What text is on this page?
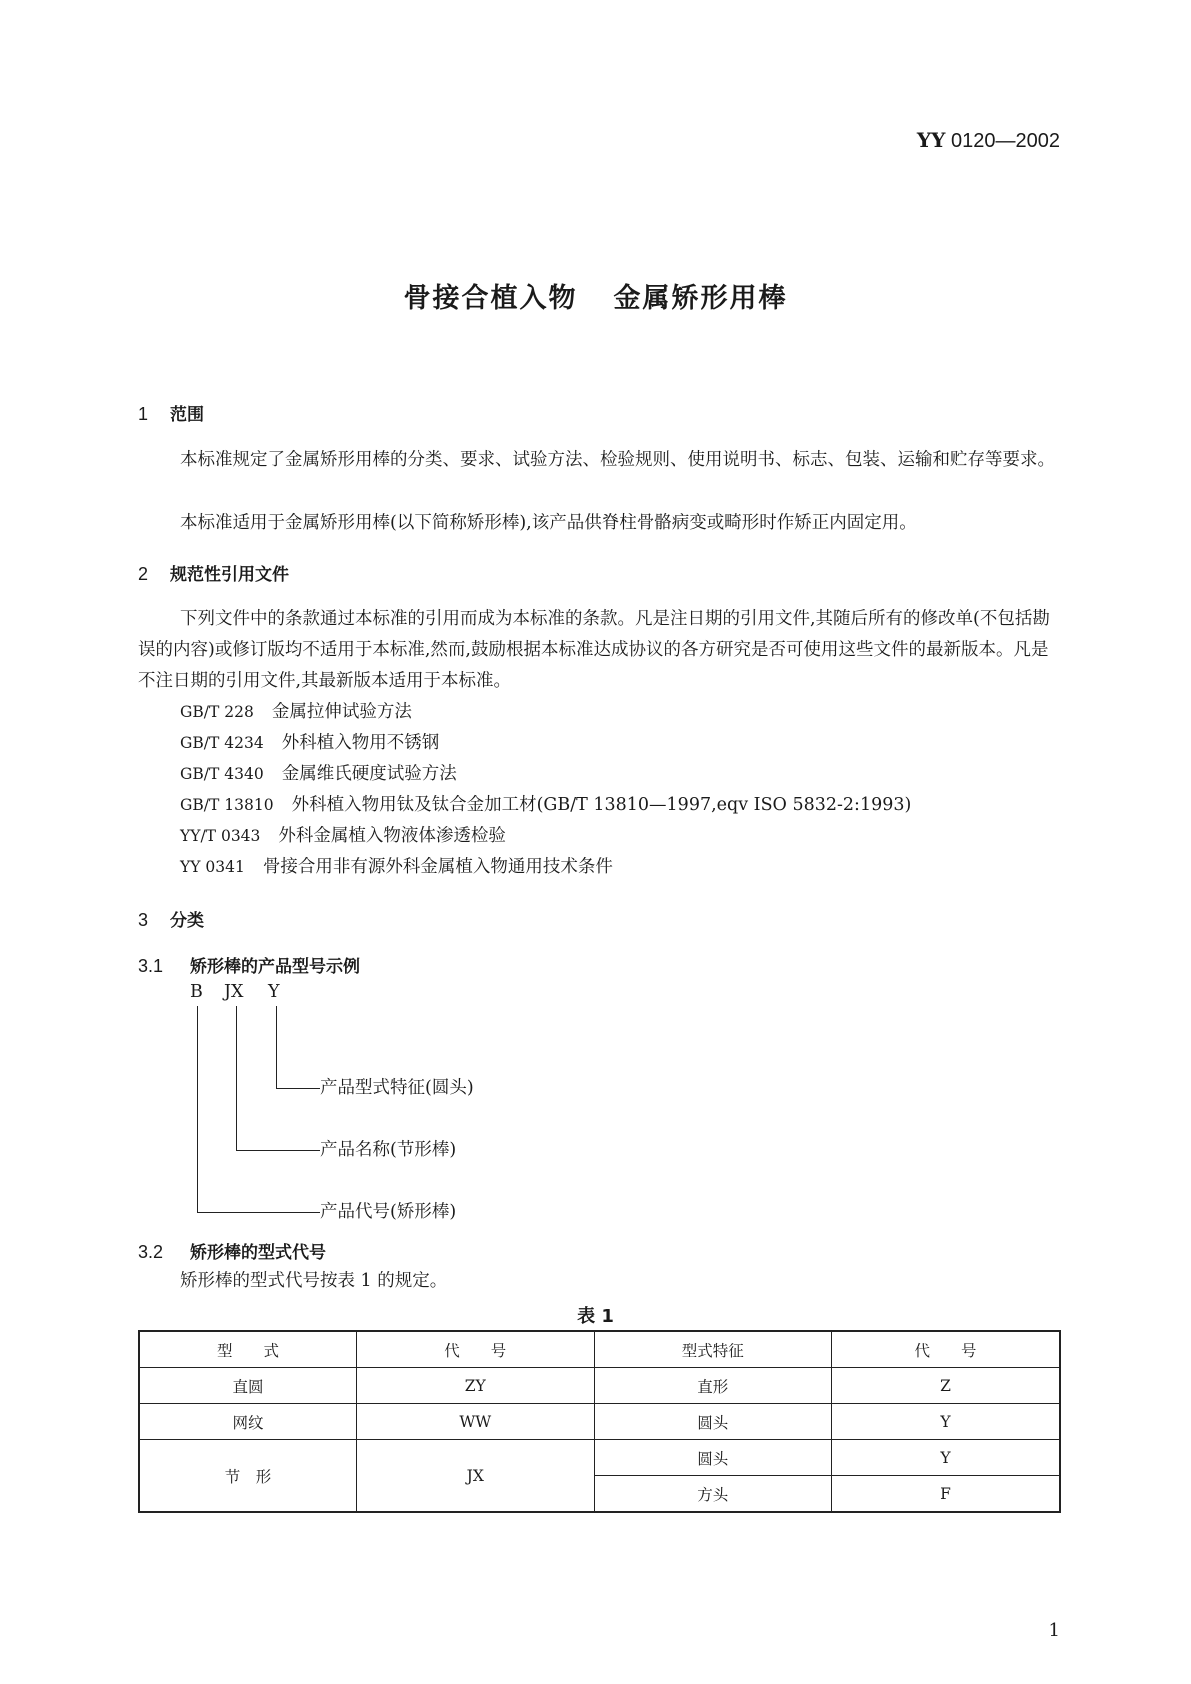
YY 0120—2002
骨接合植入物 金属矫形用棒
1 范围
本标准规定了金属矫形用棒的分类、要求、试验方法、检验规则、使用说明书、标志、包装、运输和贮存等要求。
本标准适用于金属矫形用棒(以下简称矫形棒),该产品供脊柱骨骼病变或畸形时作矫正内固定用。
2 规范性引用文件
下列文件中的条款通过本标准的引用而成为本标准的条款。凡是注日期的引用文件,其随后所有的修改单(不包括勘误的内容)或修订版均不适用于本标准,然而,鼓励根据本标准达成协议的各方研究是否可使用这些文件的最新版本。凡是不注日期的引用文件,其最新版本适用于本标准。
GB/T 228 金属拉伸试验方法
GB/T 4234 外科植入物用不锈钢
GB/T 4340 金属维氏硬度试验方法
GB/T 13810 外科植入物用钛及钛合金加工材(GB/T 13810—1997,eqv ISO 5832-2:1993)
YY/T 0343 外科金属植入物液体渗透检验
YY 0341 骨接合用非有源外科金属植入物通用技术条件
3 分类
3.1 矫形棒的产品型号示例
B JX Y
产品型式特征(圆头)
产品名称(节形棒)
产品代号(矫形棒)
3.2 矫形棒的型式代号
矫形棒的型式代号按表 1 的规定。
表 1
型　　式	代　　号	型式特征	代　　号
直圆	ZY	直形	Z
网纹	WW	圆头	Y
节　形	JX	圆头	Y
		方头	F
1
